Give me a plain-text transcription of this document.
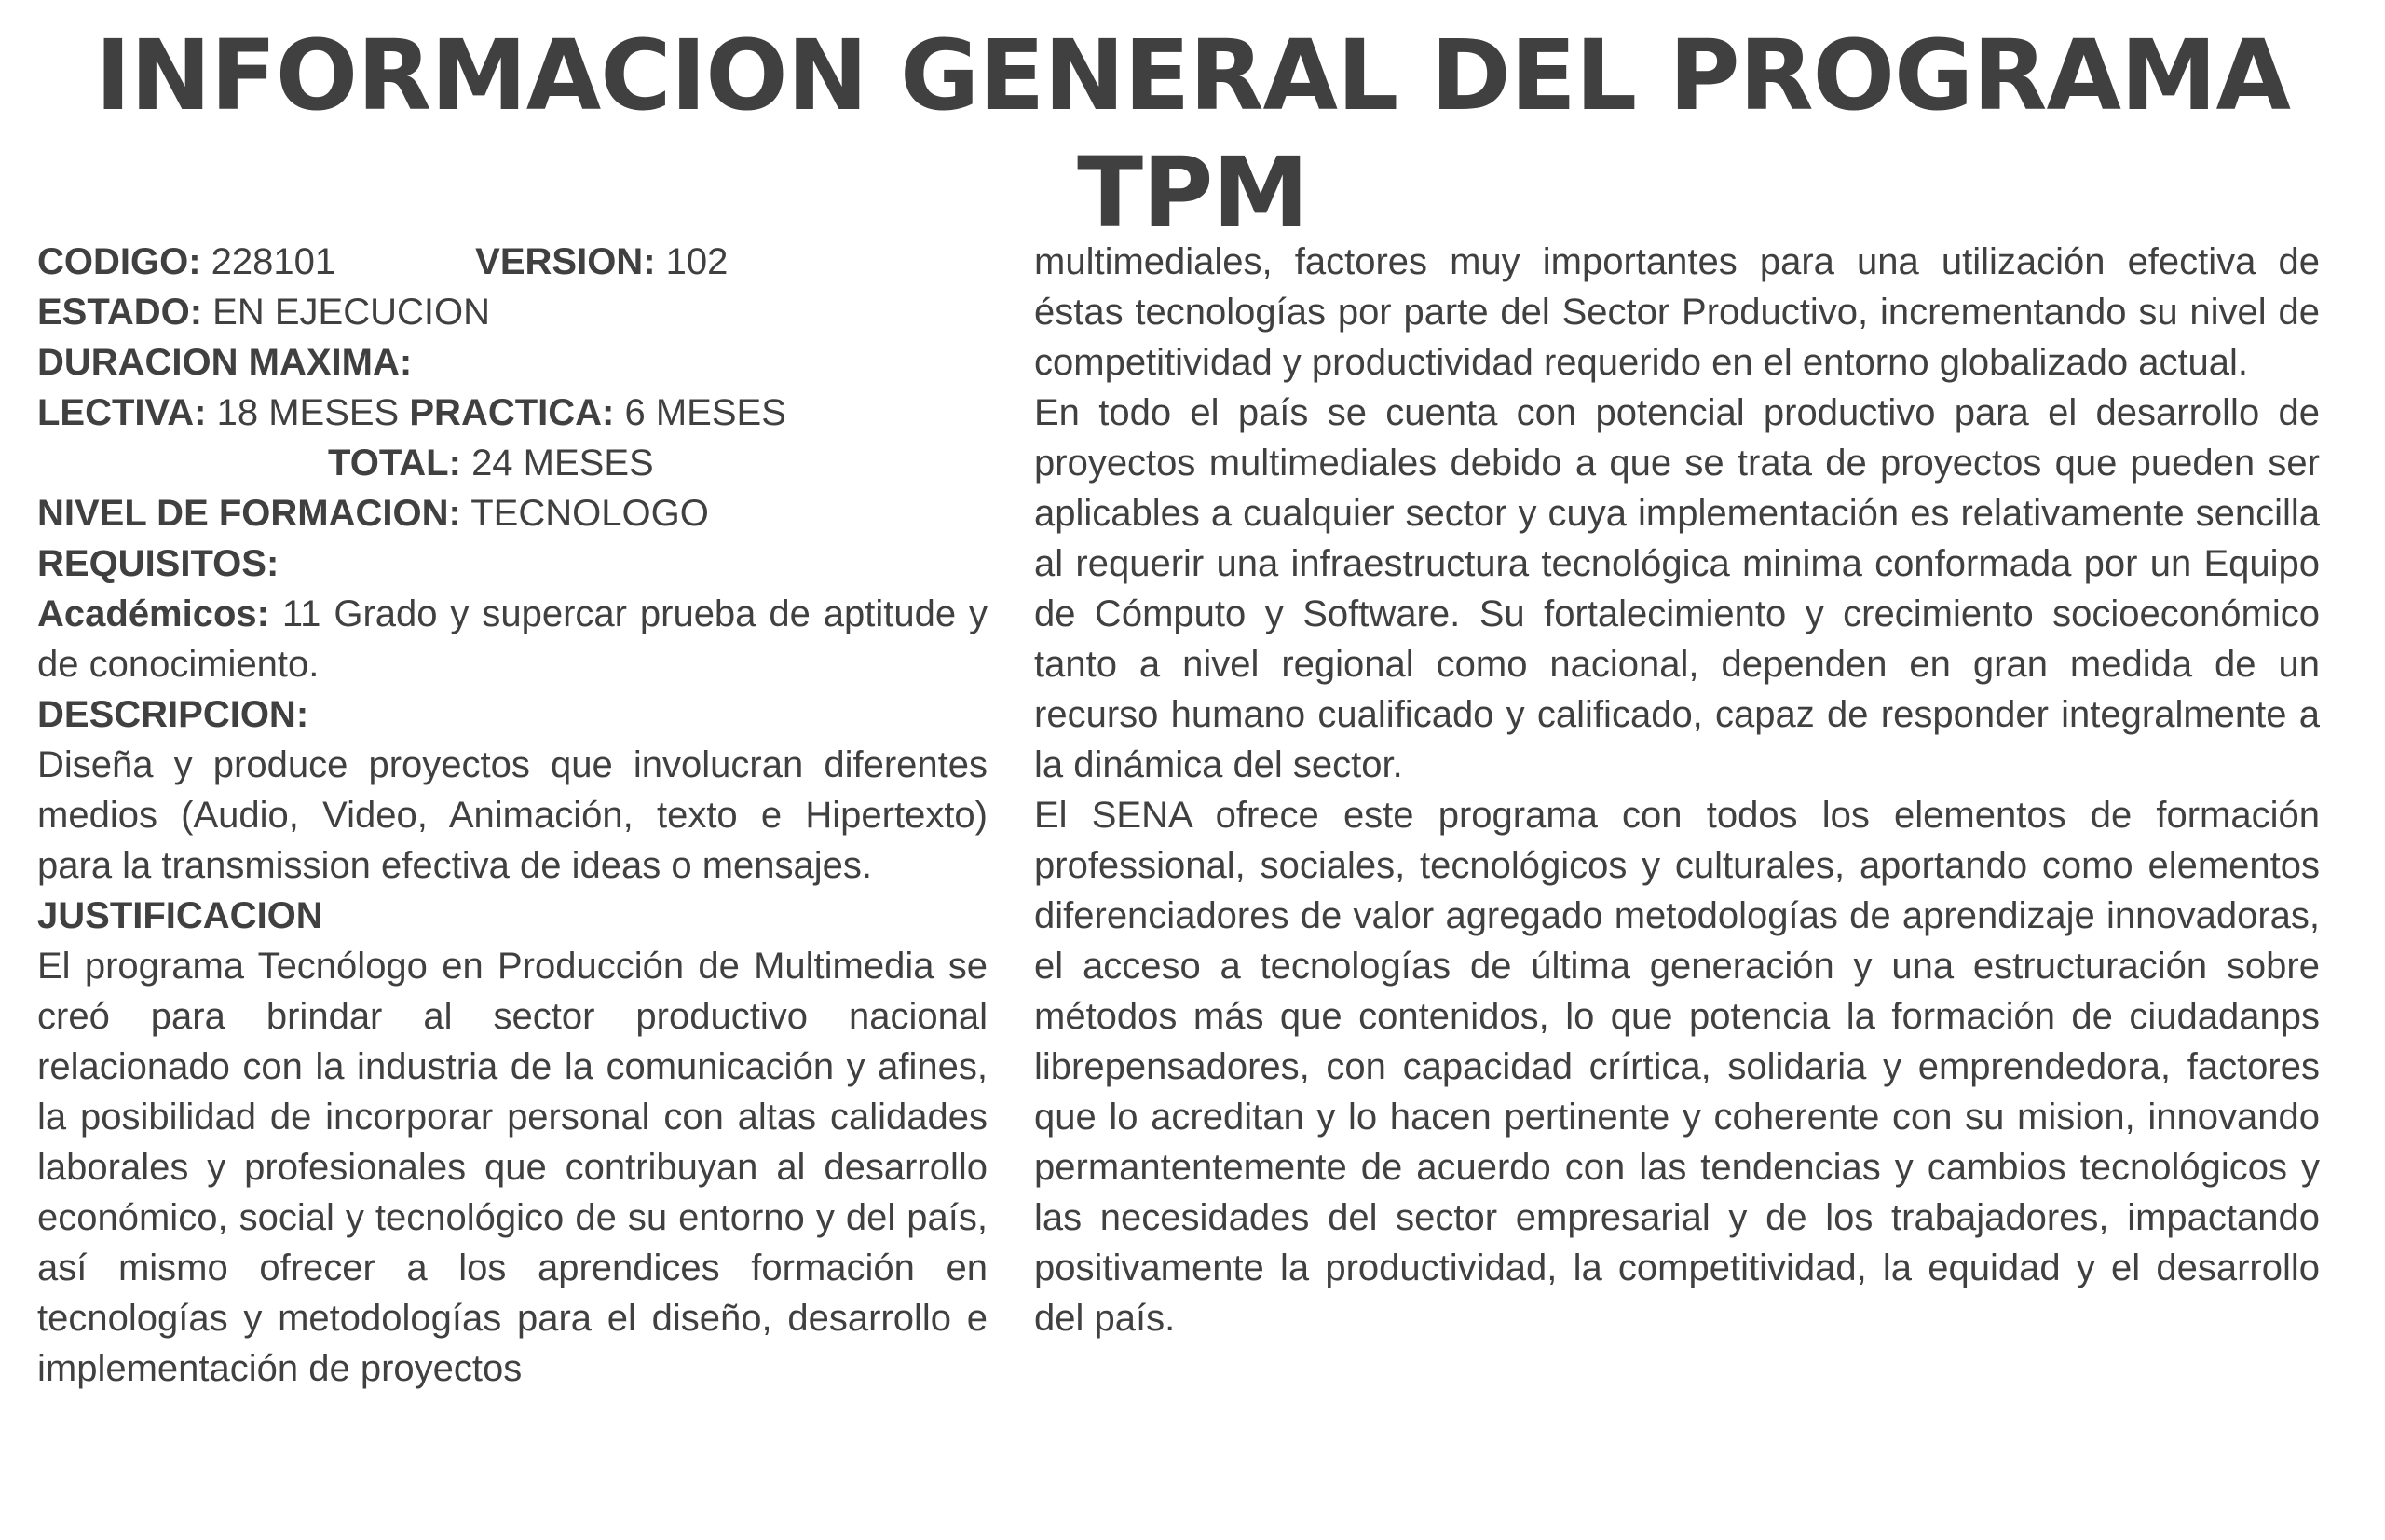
INFORMACION GENERAL DEL PROGRAMA
TPM
CODIGO: 228101	VERSION: 102
ESTADO: EN EJECUCION
DURACION MAXIMA:
LECTIVA: 18 MESES PRACTICA: 6 MESES
TOTAL: 24 MESES
NIVEL DE FORMACION: TECNOLOGO
REQUISITOS:
Académicos: 11 Grado y supercar prueba de aptitude y de conocimiento.
DESCRIPCION:
Diseña y produce proyectos que involucran diferentes medios (Audio, Video, Animación, texto e Hipertexto) para la transmission efectiva de ideas o mensajes.
JUSTIFICACION
El programa Tecnólogo en Producción de Multimedia se creó para brindar al sector productivo nacional relacionado con la industria de la comunicación y afines, la posibilidad de incorporar personal con altas calidades laborales y profesionales que contribuyan al desarrollo económico, social y tecnológico de su entorno y del país, así mismo ofrecer a los aprendices formación en tecnologías y metodologías para el diseño, desarrollo e implementación de proyectos
multimediales, factores muy importantes para una utilización efectiva de éstas tecnologías por parte del Sector Productivo, incrementando su nivel de competitividad y productividad requerido en el entorno globalizado actual.
En todo el país se cuenta con potencial productivo para el desarrollo de proyectos multimediales debido a que se trata de proyectos que pueden ser aplicables a cualquier sector y cuya implementación es relativamente sencilla al requerir una infraestructura tecnológica minima conformada por un Equipo de Cómputo y Software. Su fortalecimiento y crecimiento socioeconómico tanto a nivel regional como nacional, dependen en gran medida de un recurso humano cualificado y calificado, capaz de responder integralmente a la dinámica del sector.
El SENA ofrece este programa con todos los elementos de formación professional, sociales, tecnológicos y culturales, aportando como elementos diferenciadores de valor agregado metodologías de aprendizaje innovadoras, el acceso a tecnologías de última generación y una estructuración sobre métodos más que contenidos, lo que potencia la formación de ciudadanps librepensadores, con capacidad crírtica, solidaria y emprendedora, factores que lo acreditan y lo hacen pertinente y coherente con su mision, innovando permantentemente de acuerdo con las tendencias y cambios tecnológicos y las necesidades del sector empresarial y de los trabajadores, impactando positivamente la productividad, la competitividad, la equidad y el desarrollo del país.
